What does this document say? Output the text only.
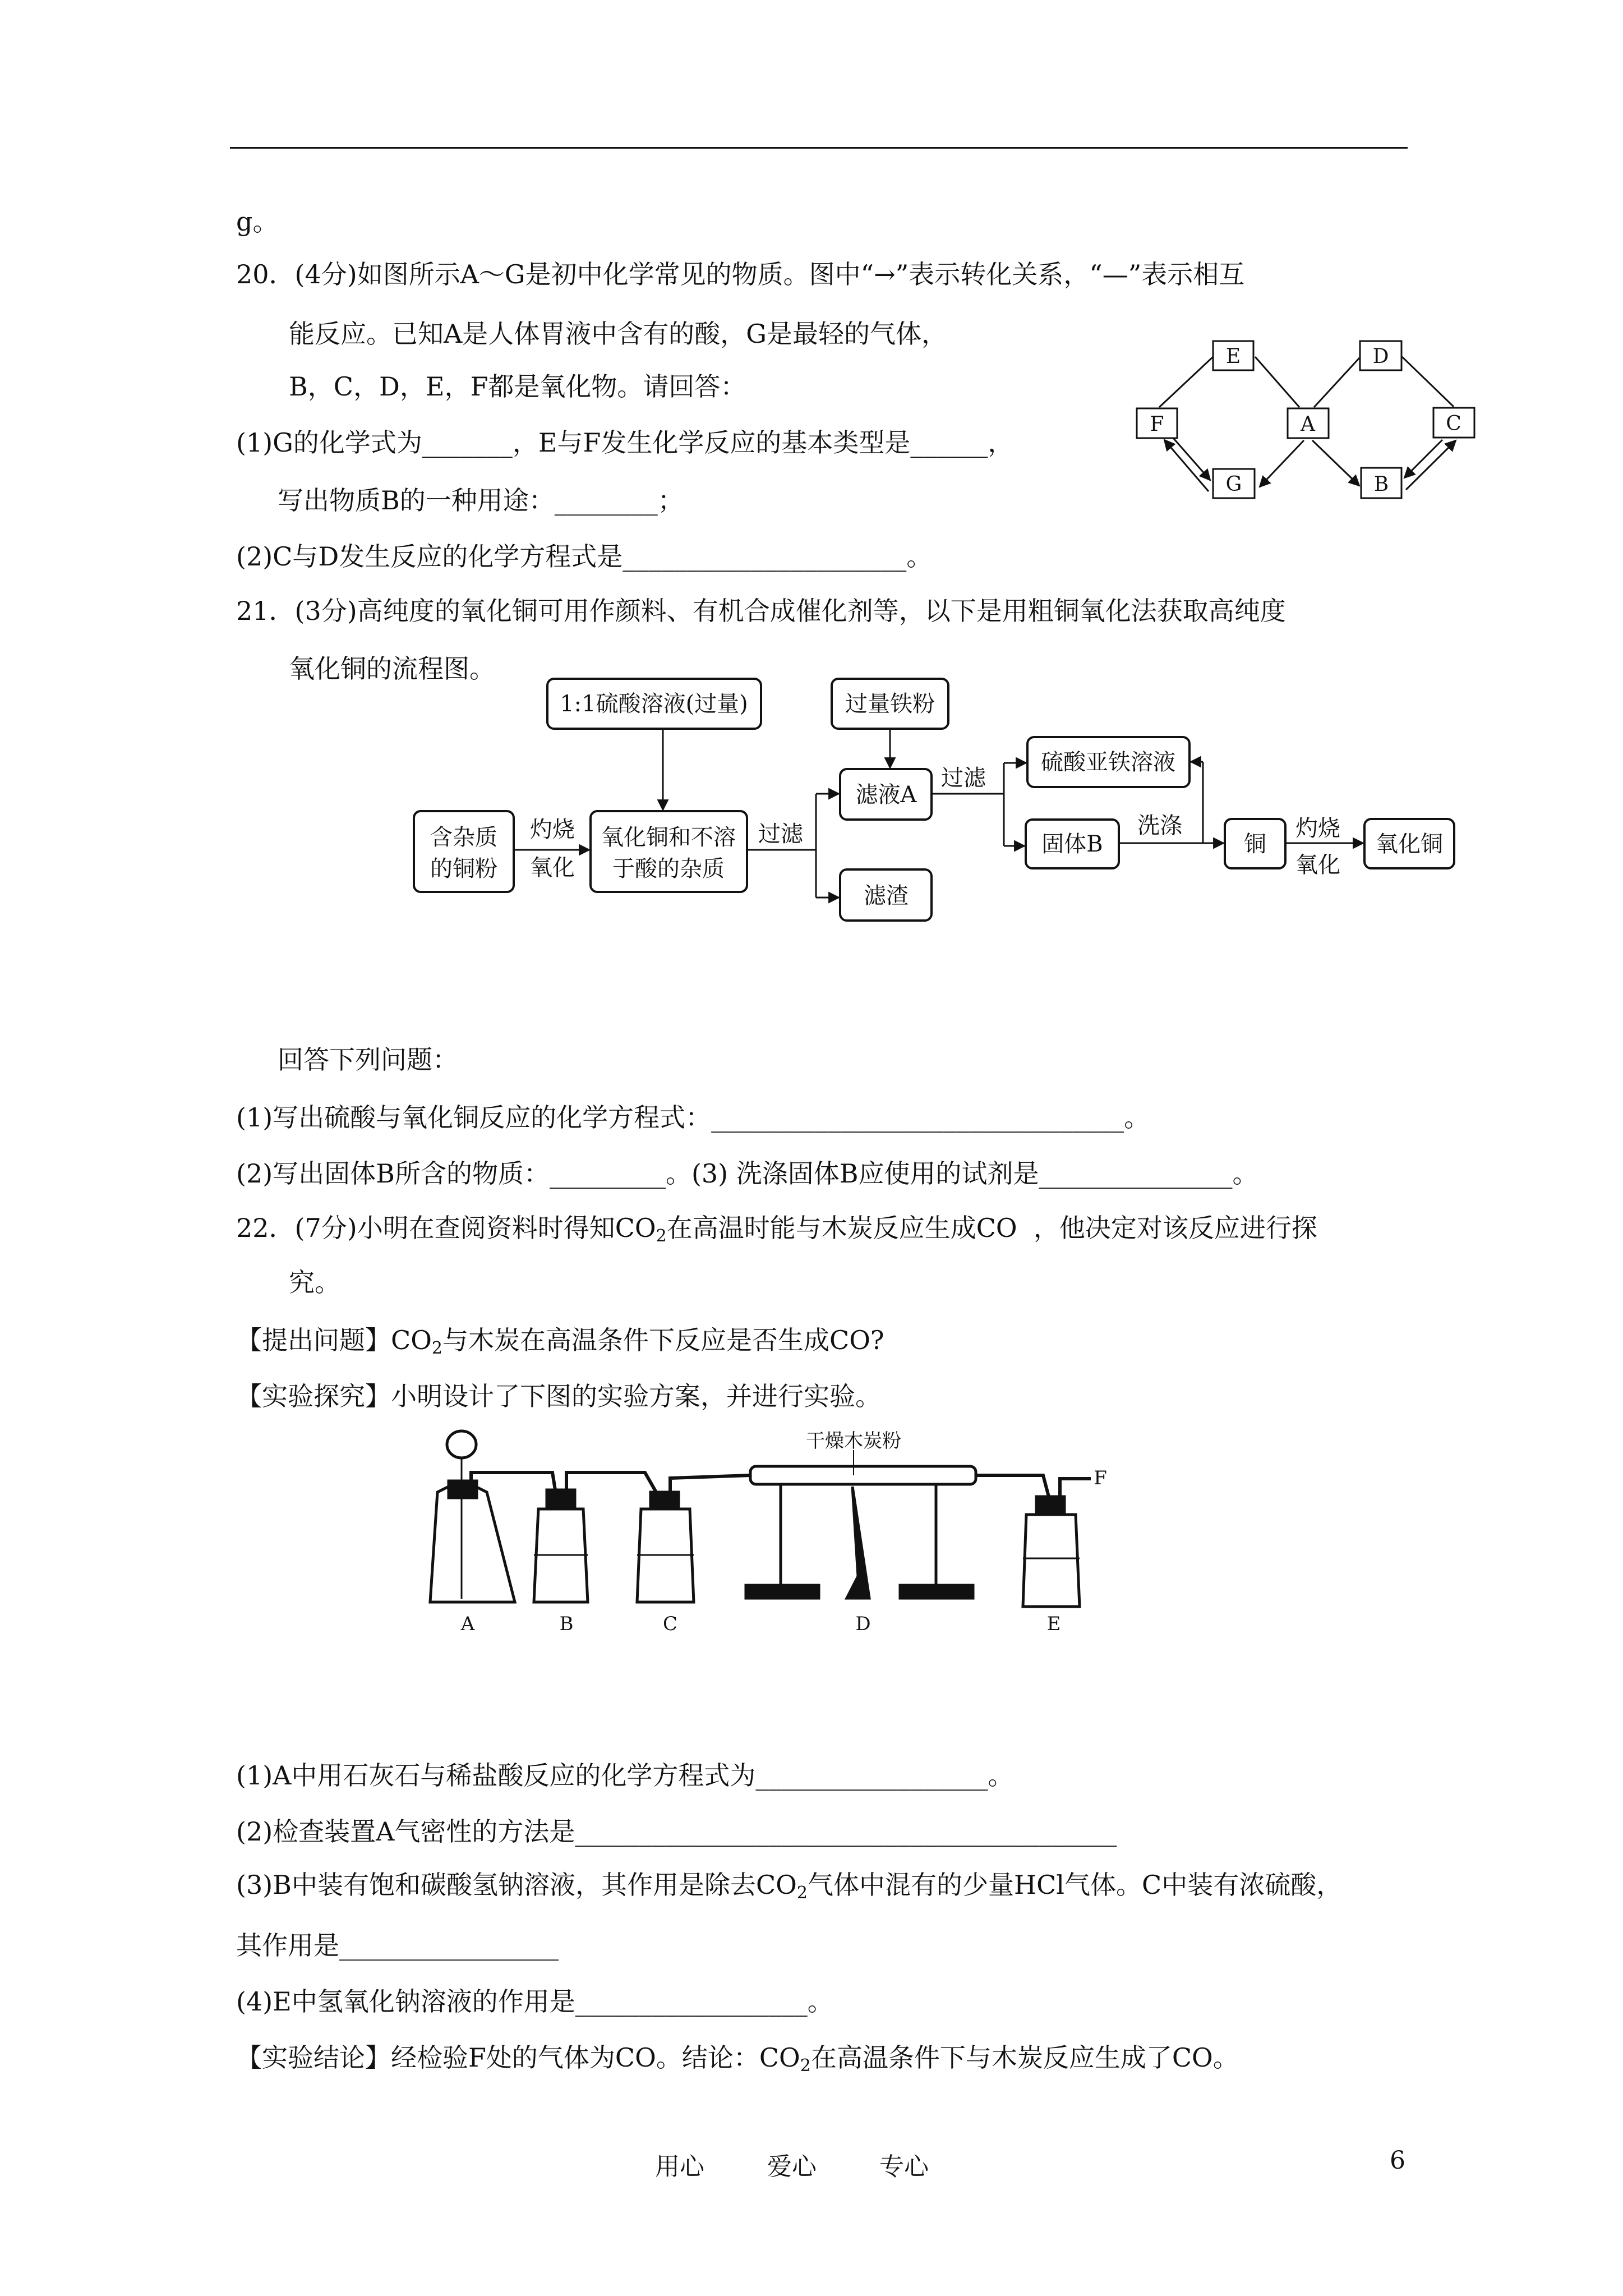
g。
20．(4分)如图所示A～G是初中化学常见的物质。图中“→”表示转化关系，“—”表示相互
能反应。已知A是人体胃液中含有的酸，G是最轻的气体，
B，C，D，E，F都是氧化物。请回答：
(1)G的化学式为_______，E与F发生化学反应的基本类型是______，
写出物质B的一种用途：________；
(2)C与D发生反应的化学方程式是______________________。
E	D
F	A	C
G	B
1:1硫酸溶液(过量)	过量铁粉
硫酸亚铁溶液
滤液A
含杂质
的铜粉
氧化铜和不溶
于酸的杂质
滤渣
固体B	铜	氧化铜
灼烧
氧化
过滤
过滤
洗涤	灼烧
氧化
干燥木炭粉
A	B	C	D	E
F
氧化铜的流程图。
21．(3分)高纯度的氧化铜可用作颜料、有机合成催化剂等，以下是用粗铜氧化法获取高纯度
回答下列问题：
(1)写出硫酸与氧化铜反应的化学方程式：________________________________。
(2)写出固体B所含的物质：_________。(3) 洗涤固体B应使用的试剂是_______________。
22．(7分)小明在查阅资料时得知$CO_2$在高温时能与木炭反应生成CO  ，他决定对该反应进行探
究。
【提出问题】$CO_2$与木炭在高温条件下反应是否生成CO?
【实验探究】小明设计了下图的实验方案，并进行实验。
(1)A中用石灰石与稀盐酸反应的化学方程式为__________________。
(2)检查装置A气密性的方法是__________________________________________
(3)B中装有饱和碳酸氢钠溶液，其作用是除去$CO_2$气体中混有的少量HCl气体。C中装有浓硫酸，
其作用是_________________
(4)E中氢氧化钠溶液的作用是__________________。
【实验结论】经检验F处的气体为CO。结论：$CO_2$在高温条件下与木炭反应生成了CO。
用心	爱心	专心	6
